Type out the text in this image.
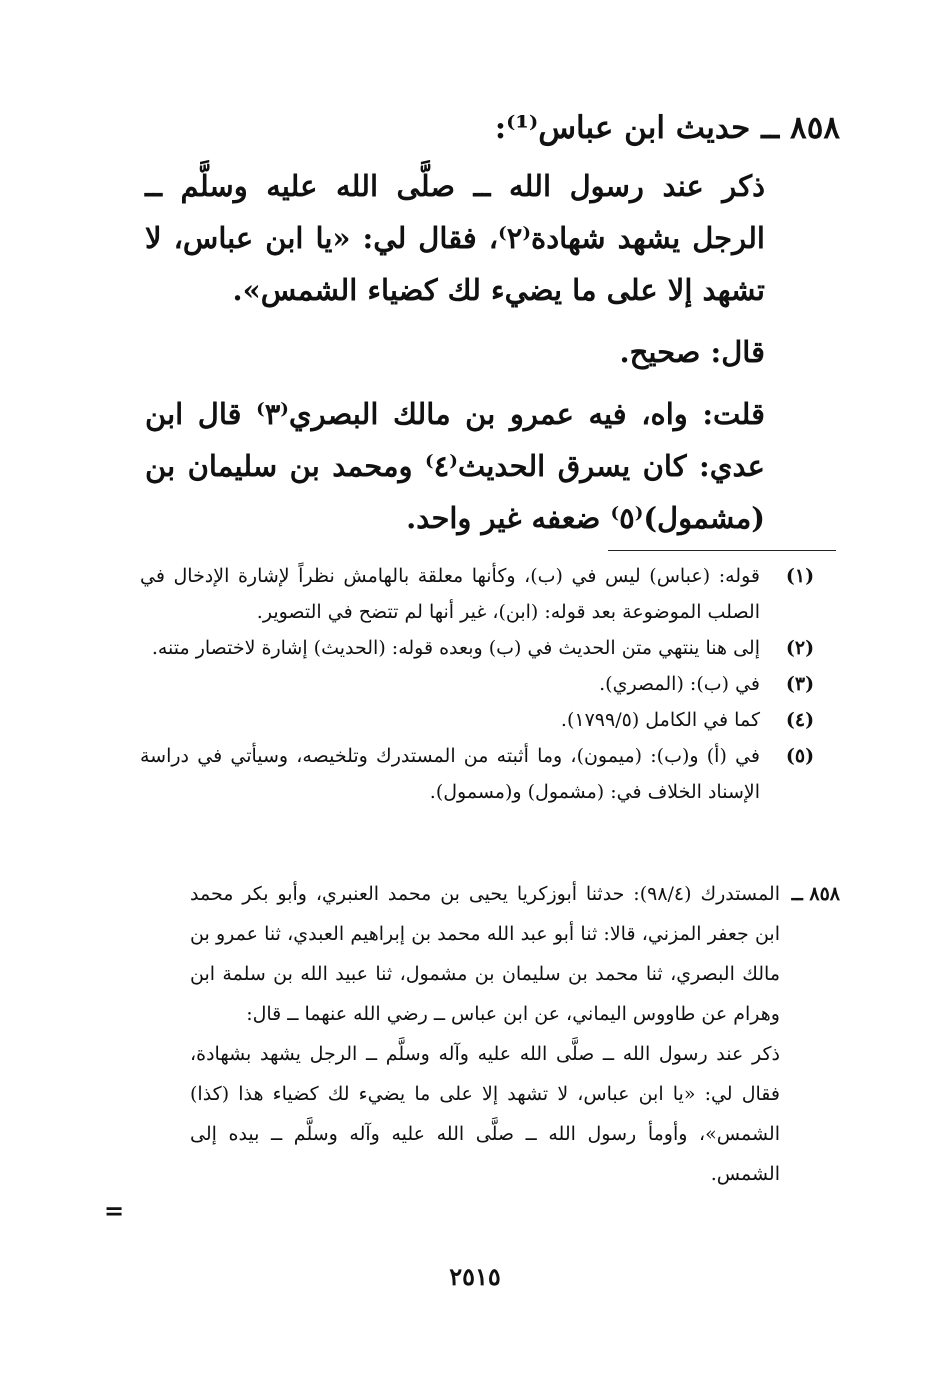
٨٥٨ ــ حديث ابن عباس⁽¹⁾:

ذكر عند رسول الله ــ صلَّى الله عليه وسلَّم ــ الرجل يشهد شهادة⁽٢⁾، فقال لي: «يا ابن عباس، لا تشهد إلا على ما يضيء لك كضياء الشمس».

قال: صحيح.

قلت: واه، فيه عمرو بن مالك البصري⁽٣⁾ قال ابن عدي: كان يسرق الحديث⁽٤⁾ ومحمد بن سليمان بن (مشمول)⁽٥⁾ ضعفه غير واحد.

(١)
قوله: (عباس) ليس في (ب)، وكأنها معلقة بالهامش نظراً لإشارة الإدخال في الصلب الموضوعة بعد قوله: (ابن)، غير أنها لم تتضح في التصوير.
(٢)
إلى هنا ينتهي متن الحديث في (ب) وبعده قوله: (الحديث) إشارة لاختصار متنه.
(٣)
في (ب): (المصري).
(٤)
كما في الكامل (١٧٩٩/٥).
(٥)
في (أ) و(ب): (ميمون)، وما أثبته من المستدرك وتلخيصه، وسيأتي في دراسة الإسناد الخلاف في: (مشمول) و(مسمول).
٨٥٨ ــ

المستدرك (٩٨/٤): حدثنا أبوزكريا يحيى بن محمد العنبري، وأبو بكر محمد ابن جعفر المزني، قالا: ثنا أبو عبد الله محمد بن إبراهيم العبدي، ثنا عمرو بن مالك البصري، ثنا محمد بن سليمان بن مشمول، ثنا عبيد الله بن سلمة ابن وهرام عن طاووس اليماني، عن ابن عباس ــ رضي الله عنهما ــ قال:

ذكر عند رسول الله ــ صلَّى الله عليه وآله وسلَّم ــ الرجل يشهد بشهادة، فقال لي: «يا ابن عباس، لا تشهد إلا على ما يضيء لك كضياء هذا (كذا) الشمس»، وأومأ رسول الله ــ صلَّى الله عليه وآله وسلَّم ــ بيده إلى الشمس.

=
٢٥١٥
